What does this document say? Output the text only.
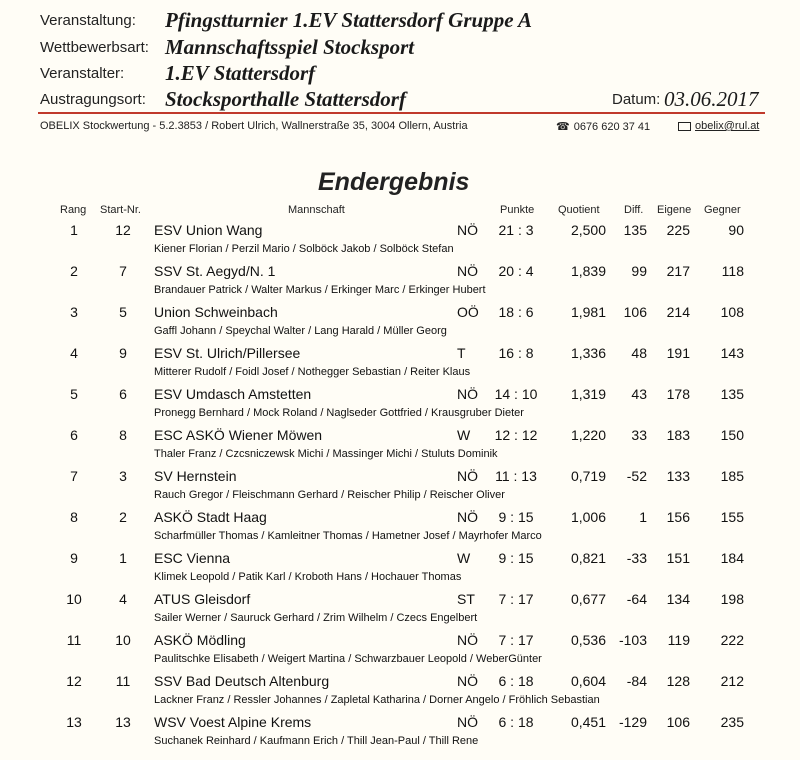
Veranstaltung: Pfingstturnier 1.EV Stattersdorf Gruppe A
Wettbewerbsart: Mannschaftsspiel Stocksport
Veranstalter: 1.EV Stattersdorf
Austragungsort: Stocksporthalle Stattersdorf	Datum: 03.06.2017
OBELIX Stockwertung - 5.2.3853 / Robert Ulrich, Wallnerstraße 35, 3004 Ollern, Austria	☎ 0676 620 37 41	obelix@rul.at
Endergebnis
Rang Start-Nr.	Mannschaft	Punkte Quotient Diff. Eigene Gegner
1	12	ESV Union Wang	NÖ	21 : 3	2,500	135	225	90
Kiener Florian / Perzil Mario / Solböck Jakob / Solböck Stefan
2	7	SSV St. Aegyd/N. 1	NÖ	20 : 4	1,839	99	217	118
Brandauer Patrick / Walter Markus / Erkinger Marc / Erkinger Hubert
3	5	Union Schweinbach	OÖ	18 : 6	1,981	106	214	108
Gaffl Johann / Speychal Walter / Lang Harald / Müller Georg
4	9	ESV St. Ulrich/Pillersee	T	16 : 8	1,336	48	191	143
Mitterer Rudolf / Foidl Josef / Nothegger Sebastian / Reiter Klaus
5	6	ESV Umdasch Amstetten	NÖ	14 : 10	1,319	43	178	135
Pronegg Bernhard / Mock Roland / Naglseder Gottfried / Krausgruber Dieter
6	8	ESC ASKÖ Wiener Möwen	W	12 : 12	1,220	33	183	150
Thaler Franz / Czcsniczewsk Michi / Massinger Michi / Stuluts Dominik
7	3	SV Hernstein	NÖ	11 : 13	0,719	-52	133	185
Rauch Gregor / Fleischmann Gerhard / Reischer Philip / Reischer Oliver
8	2	ASKÖ Stadt Haag	NÖ	9 : 15	1,006	1	156	155
Scharfmüller Thomas / Kamleitner Thomas / Hametner Josef / Mayrhofer Marco
9	1	ESC Vienna	W	9 : 15	0,821	-33	151	184
Klimek Leopold / Patik Karl / Kroboth Hans / Hochauer Thomas
10	4	ATUS Gleisdorf	ST	7 : 17	0,677	-64	134	198
Sailer Werner / Sauruck Gerhard / Zrim Wilhelm / Czecs Engelbert
11	10	ASKÖ Mödling	NÖ	7 : 17	0,536 -103	119	222
Paulitschke Elisabeth / Weigert Martina / Schwarzbauer Leopold / WeberGünter
12	11	SSV Bad Deutsch Altenburg	NÖ	6 : 18	0,604	-84	128	212
Lackner Franz / Ressler Johannes / Zapletal Katharina / Dorner Angelo / Fröhlich Sebastian
13	13	WSV Voest Alpine Krems	NÖ	6 : 18	0,451 -129	106	235
Suchanek Reinhard / Kaufmann Erich / Thill Jean-Paul / Thill Rene
